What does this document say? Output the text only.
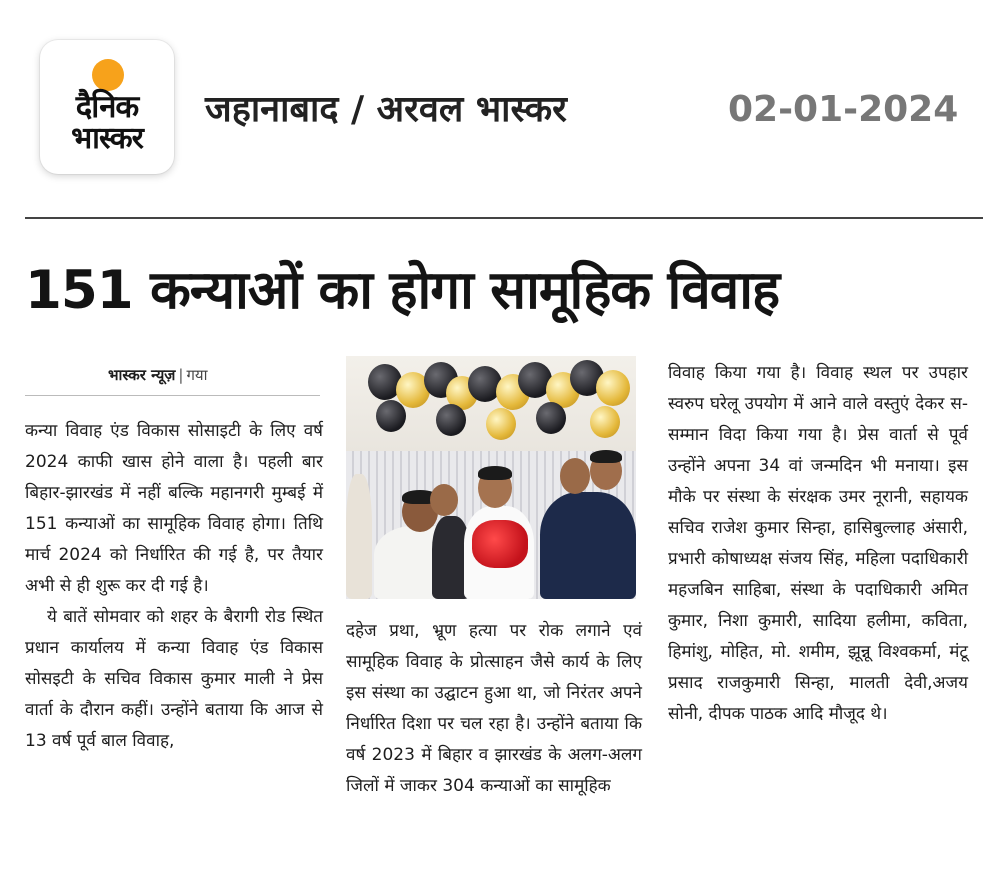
दैनिक
भास्कर
जहानाबाद / अरवल भास्कर	02-01-2024
151 कन्याओं का होगा सामूहिक विवाह
भास्कर न्यूज़ | गया

कन्या विवाह एंड विकास सोसाइटी के लिए वर्ष 2024 काफी खास होने वाला है। पहली बार बिहार-झारखंड में नहीं बल्कि महानगरी मुम्बई में 151 कन्याओं का सामूहिक विवाह होगा। तिथि मार्च 2024 को निर्धारित की गई है, पर तैयार अभी से ही शुरू कर दी गई है।

ये बातें सोमवार को शहर के बैरागी रोड स्थित प्रधान कार्यालय में कन्या विवाह एंड विकास सोसइटी के सचिव विकास कुमार माली ने प्रेस वार्ता के दौरान कहीं। उन्होंने बताया कि आज से 13 वर्ष पूर्व बाल विवाह,

दहेज प्रथा, भ्रूण हत्या पर रोक लगाने एवं सामूहिक विवाह के प्रोत्साहन जैसे कार्य के लिए इस संस्था का उद्घाटन हुआ था, जो निरंतर अपने निर्धारित दिशा पर चल रहा है। उन्होंने बताया कि वर्ष 2023 में बिहार व झारखंड के अलग-अलग जिलों में जाकर 304 कन्याओं का सामूहिक

विवाह किया गया है। विवाह स्थल पर उपहार स्वरुप घरेलू उपयोग में आने वाले वस्तुएं देकर स-सम्मान विदा किया गया है। प्रेस वार्ता से पूर्व उन्होंने अपना 34 वां जन्मदिन भी मनाया। इस मौके पर संस्था के संरक्षक उमर नूरानी, सहायक सचिव राजेश कुमार सिन्हा, हासिबुल्लाह अंसारी, प्रभारी कोषाध्यक्ष संजय सिंह, महिला पदाधिकारी महजबिन साहिबा, संस्था के पदाधिकारी अमित कुमार, निशा कुमारी, सादिया हलीमा, कविता, हिमांशु, मोहित, मो. शमीम, झून्नू विश्वकर्मा, मंटू प्रसाद राजकुमारी सिन्हा, मालती देवी,अजय सोनी, दीपक पाठक आदि मौजूद थे।
